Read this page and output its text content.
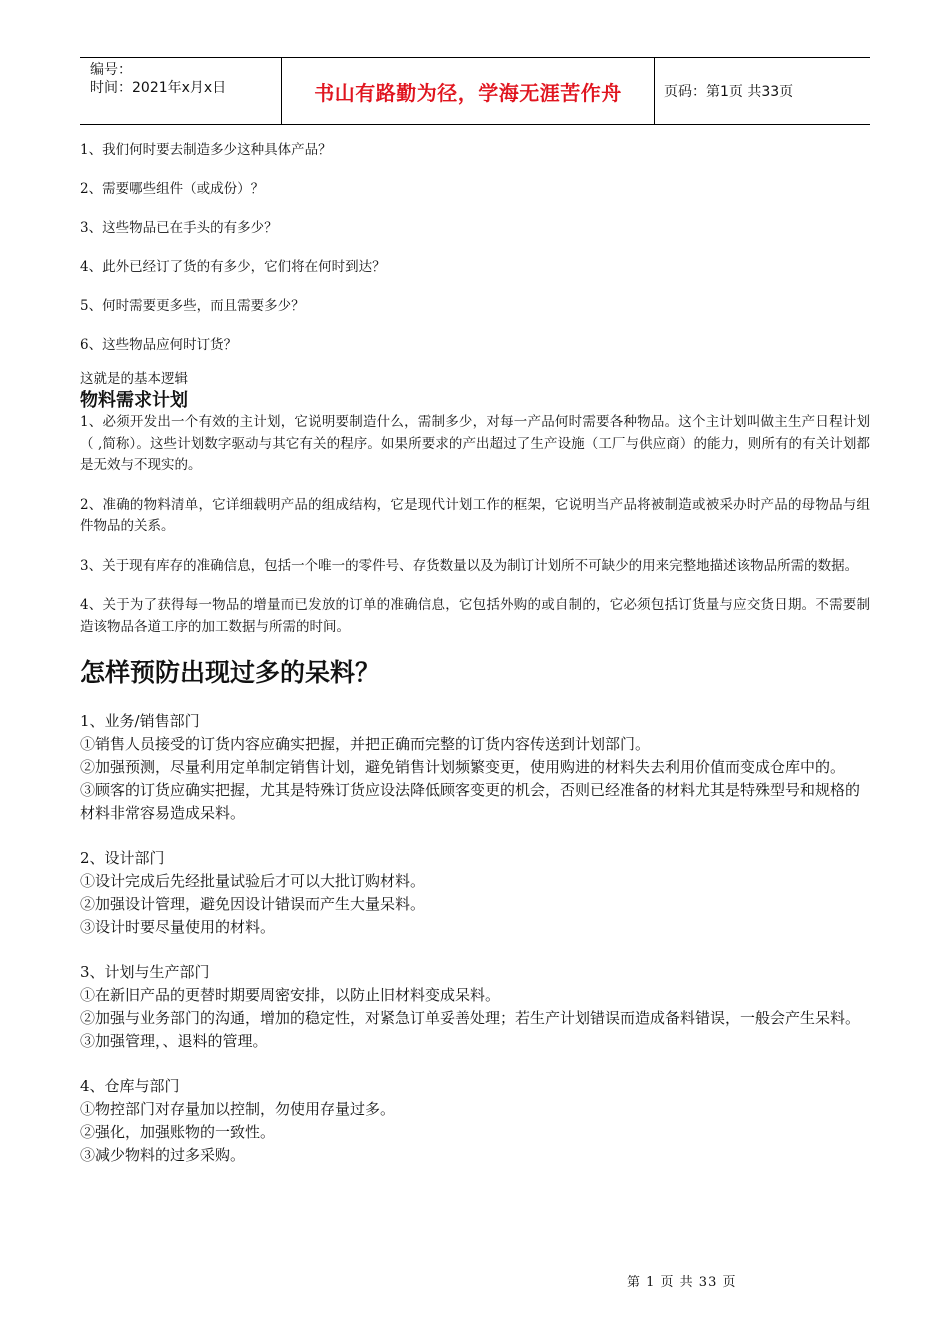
编号：
时间：2021年x月x日	书山有路勤为径，学海无涯苦作舟	页码：第1页 共33页

1、我们何时要去制造多少这种具体产品？

2、需要哪些组件（或成份）？

3、这些物品已在手头的有多少？

4、此外已经订了货的有多少，它们将在何时到达？

5、何时需要更多些，而且需要多少？

6、这些物品应何时订货？

这就是的基本逻辑

物料需求计划

1、必须开发出一个有效的主计划，它说明要制造什么，需制多少，对每一产品何时需要各种物品。这个主计划叫做主生产日程计划（ ,简称）。这些计划数字驱动与其它有关的程序。如果所要求的产出超过了生产设施（工厂与供应商）的能力，则所有的有关计划都是无效与不现实的。

2、准确的物料清单，它详细载明产品的组成结构，它是现代计划工作的框架，它说明当产品将被制造或被采办时产品的母物品与组件物品的关系。

3、关于现有库存的准确信息，包括一个唯一的零件号、存货数量以及为制订计划所不可缺少的用来完整地描述该物品所需的数据。

4、关于为了获得每一物品的增量而已发放的订单的准确信息，它包括外购的或自制的，它必须包括订货量与应交货日期。不需要制造该物品各道工序的加工数据与所需的时间。

怎样预防出现过多的呆料？

1、业务/销售部门

①销售人员接受的订货内容应确实把握，并把正确而完整的订货内容传送到计划部门。

②加强预测，尽量利用定单制定销售计划，避免销售计划频繁变更，使用购进的材料失去利用价值而变成仓库中的。

③顾客的订货应确实把握，尤其是特殊订货应设法降低顾客变更的机会，否则已经准备的材料尤其是特殊型号和规格的材料非常容易造成呆料。

2、设计部门

①设计完成后先经批量试验后才可以大批订购材料。

②加强设计管理，避免因设计错误而产生大量呆料。

③设计时要尽量使用的材料。

3、计划与生产部门

①在新旧产品的更替时期要周密安排，以防止旧材料变成呆料。

②加强与业务部门的沟通，增加的稳定性，对紧急订单妥善处理；若生产计划错误而造成备料错误，一般会产生呆料。

③加强管理，、退料的管理。

4、仓库与部门

①物控部门对存量加以控制，勿使用存量过多。

②强化，加强账物的一致性。

③减少物料的过多采购。

第 1 页 共 33 页
